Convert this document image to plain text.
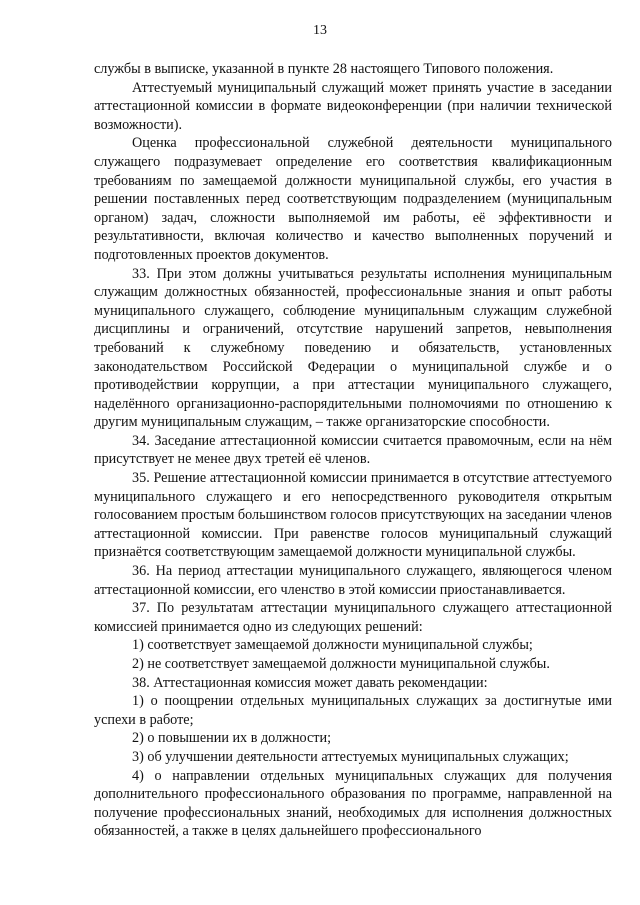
13

службы в выписке, указанной в пункте 28 настоящего Типового положения.

Аттестуемый муниципальный служащий может принять участие в заседании аттестационной комиссии в формате видеоконференции (при наличии технической возможности).

Оценка профессиональной служебной деятельности муниципального служащего подразумевает определение его соответствия квалификационным требованиям по замещаемой должности муниципальной службы, его участия в решении поставленных перед соответствующим подразделением (муниципальным органом) задач, сложности выполняемой им работы, её эффективности и результативности, включая количество и качество выполненных поручений и подготовленных проектов документов.

33. При этом должны учитываться результаты исполнения муниципальным служащим должностных обязанностей, профессиональные знания и опыт работы муниципального служащего, соблюдение муниципальным служащим служебной дисциплины и ограничений, отсутствие нарушений запретов, невыполнения требований к служебному поведению и обязательств, установленных законодательством Российской Федерации о муниципальной службе и о противодействии коррупции, а при аттестации муниципального служащего, наделённого организационно-распорядительными полномочиями по отношению к другим муниципальным служащим, – также организаторские способности.

34. Заседание аттестационной комиссии считается правомочным, если на нём присутствует не менее двух третей её членов.

35. Решение аттестационной комиссии принимается в отсутствие аттестуемого муниципального служащего и его непосредственного руководителя открытым голосованием простым большинством голосов присутствующих на заседании членов аттестационной комиссии. При равенстве голосов муниципальный служащий признаётся соответствующим замещаемой должности муниципальной службы.

36. На период аттестации муниципального служащего, являющегося членом аттестационной комиссии, его членство в этой комиссии приостанавливается.

37. По результатам аттестации муниципального служащего аттестационной комиссией принимается одно из следующих решений:

1) соответствует замещаемой должности муниципальной службы;

2) не соответствует замещаемой должности муниципальной службы.

38. Аттестационная комиссия может давать рекомендации:

1) о поощрении отдельных муниципальных служащих за достигнутые ими успехи в работе;

2) о повышении их в должности;

3) об улучшении деятельности аттестуемых муниципальных служащих;

4) о направлении отдельных муниципальных служащих для получения дополнительного профессионального образования по программе, направленной на получение профессиональных знаний, необходимых для исполнения должностных обязанностей, а также в целях дальнейшего профессионального
